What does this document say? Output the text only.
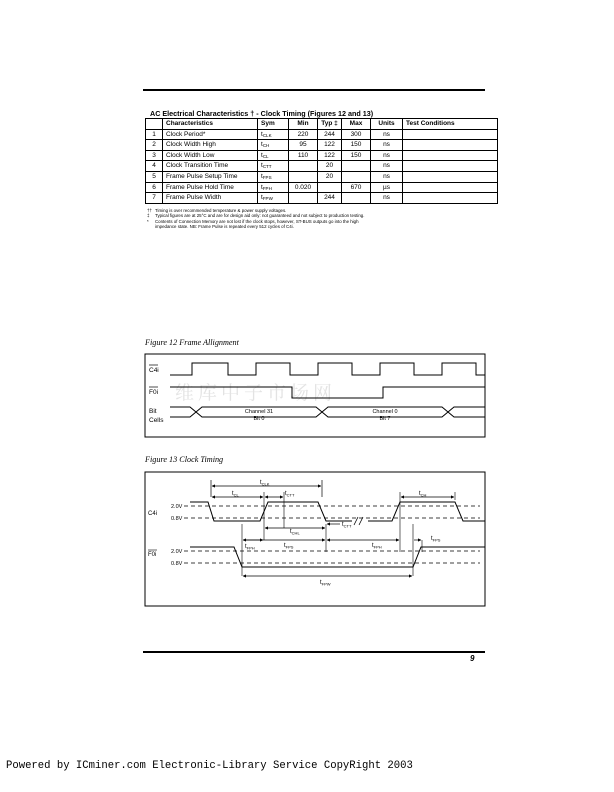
AC Electrical Characteristics † - Clock Timing (Figures 12 and 13)
	Characteristics	Sym	Min	Typ ‡	Max	Units	Test Conditions
1	Clock Period*	$t_{CLK}$	220	244	300	ns	
2	Clock Width High	$t_{CH}$	95	122	150	ns	
3	Clock Width Low	$t_{CL}$	110	122	150	ns	
4	Clock Transition Time	$t_{CTT}$		20		ns	
5	Frame Pulse Setup Time	$t_{FPS}$		20		ns	
6	Frame Pulse Hold Time	$t_{FPH}$	0.020		670	µs	
7	Frame Pulse Width	$t_{FPW}$		244		ns	
†† Timing is over recommended temperature & power supply voltages.
‡ Typical figures are at 25°C and are for design aid only: not guaranteed and not subject to production testing.
* Contents of Connection Memory are not lost if the clock stops, however, ST-BUS outputs go into the high
impedance state. NB: Frame Pulse is repeated every 512 cycles of C4i.
Figure 12 Frame Allignment
维库中子市场网
C4i
F0i
Bit
Cells
Channel 31
Bit 0
Channel 0
Bit 7
Figure 13 Clock Timing
C4i
2.0V
0.8V
F0i	2.0V
0.8V
$t_{CLK}$
$t_{CL}$	$t_{CTT}$	$t_{CH}$
$t_{CHL}$
$t_{CTT}$
$t_{FPH}$	$t_{FPS}$	$t_{FPH}$
$t_{FPS}$
$t_{FPW}$
9
Powered by ICminer.com Electronic-Library Service CopyRight 2003
